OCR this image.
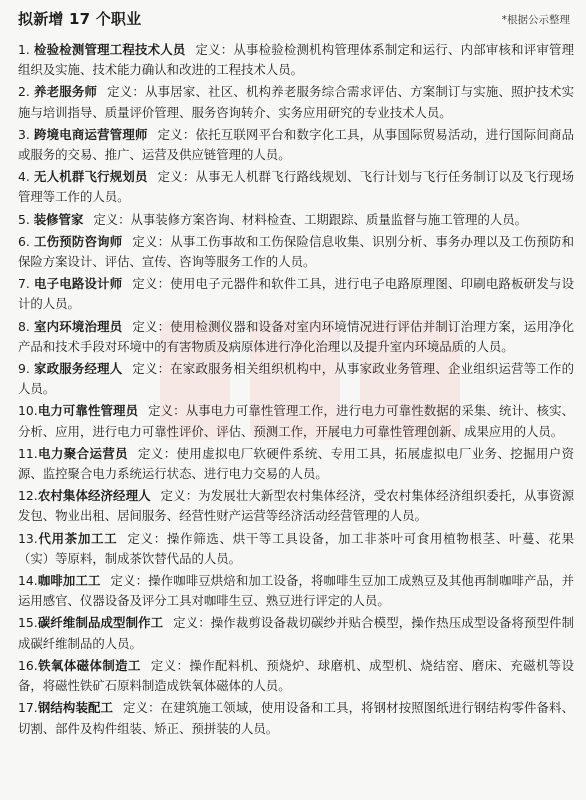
拟新增 17 个职业	*根据公示整理
1. 检验检测管理工程技术人员 定义：从事检验检测机构管理体系制定和运行、内部审核和评审管理组织及实施、技术能力确认和改进的工程技术人员。
2. 养老服务师 定义：从事居家、社区、机构养老服务综合需求评估、方案制订与实施、照护技术实施与培训指导、质量评价管理、服务咨询转介、实务应用研究的专业技术人员。
3. 跨境电商运营管理师 定义：依托互联网平台和数字化工具，从事国际贸易活动，进行国际间商品或服务的交易、推广、运营及供应链管理的人员。
4. 无人机群飞行规划员 定义：从事无人机群飞行路线规划、飞行计划与飞行任务制订以及飞行现场管理等工作的人员。
5. 装修管家 定义：从事装修方案咨询、材料检查、工期跟踪、质量监督与施工管理的人员。
6. 工伤预防咨询师 定义：从事工伤事故和工伤保险信息收集、识别分析、事务办理以及工伤预防和保险方案设计、评估、宣传、咨询等服务工作的人员。
7. 电子电路设计师 定义：使用电子元器件和软件工具，进行电子电路原理图、印刷电路板研发与设计的人员。
8. 室内环境治理员 定义：使用检测仪器和设备对室内环境情况进行评估并制订治理方案，运用净化产品和技术手段对环境中的有害物质及病原体进行净化治理以及提升室内环境品质的人员。
9. 家政服务经理人 定义：在家政服务相关组织机构中，从事家政业务管理、企业组织运营等工作的人员。
10.电力可靠性管理员 定义：从事电力可靠性管理工作，进行电力可靠性数据的采集、统计、核实、分析、应用，进行电力可靠性评价、评估、预测工作，开展电力可靠性管理创新、成果应用的人员。
11.电力聚合运营员 定义：使用虚拟电厂软硬件系统、专用工具，拓展虚拟电厂业务、挖掘用户资源、监控聚合电力系统运行状态、进行电力交易的人员。
12.农村集体经济经理人 定义：为发展壮大新型农村集体经济，受农村集体经济组织委托，从事资源发包、物业出租、居间服务、经营性财产运营等经济活动经营管理的人员。
13.代用茶加工工 定义：操作筛选、烘干等工具设备，加工非茶叶可食用植物根茎、叶蔓、花果（实）等原料，制成茶饮替代品的人员。
14.咖啡加工工 定义：操作咖啡豆烘焙和加工设备，将咖啡生豆加工成熟豆及其他再制咖啡产品，并运用感官、仪器设备及评分工具对咖啡生豆、熟豆进行评定的人员。
15.碳纤维制品成型制作工 定义：操作裁剪设备裁切碳纱并贴合模型，操作热压成型设备将预型件制成碳纤维制品的人员。
16.铁氧体磁体制造工 定义：操作配料机、预烧炉、球磨机、成型机、烧结窑、磨床、充磁机等设备，将磁性铁矿石原料制造成铁氧体磁体的人员。
17.钢结构装配工 定义：在建筑施工领域，使用设备和工具，将钢材按照图纸进行钢结构零件备料、切割、部件及构件组装、矫正、预拼装的人员。
